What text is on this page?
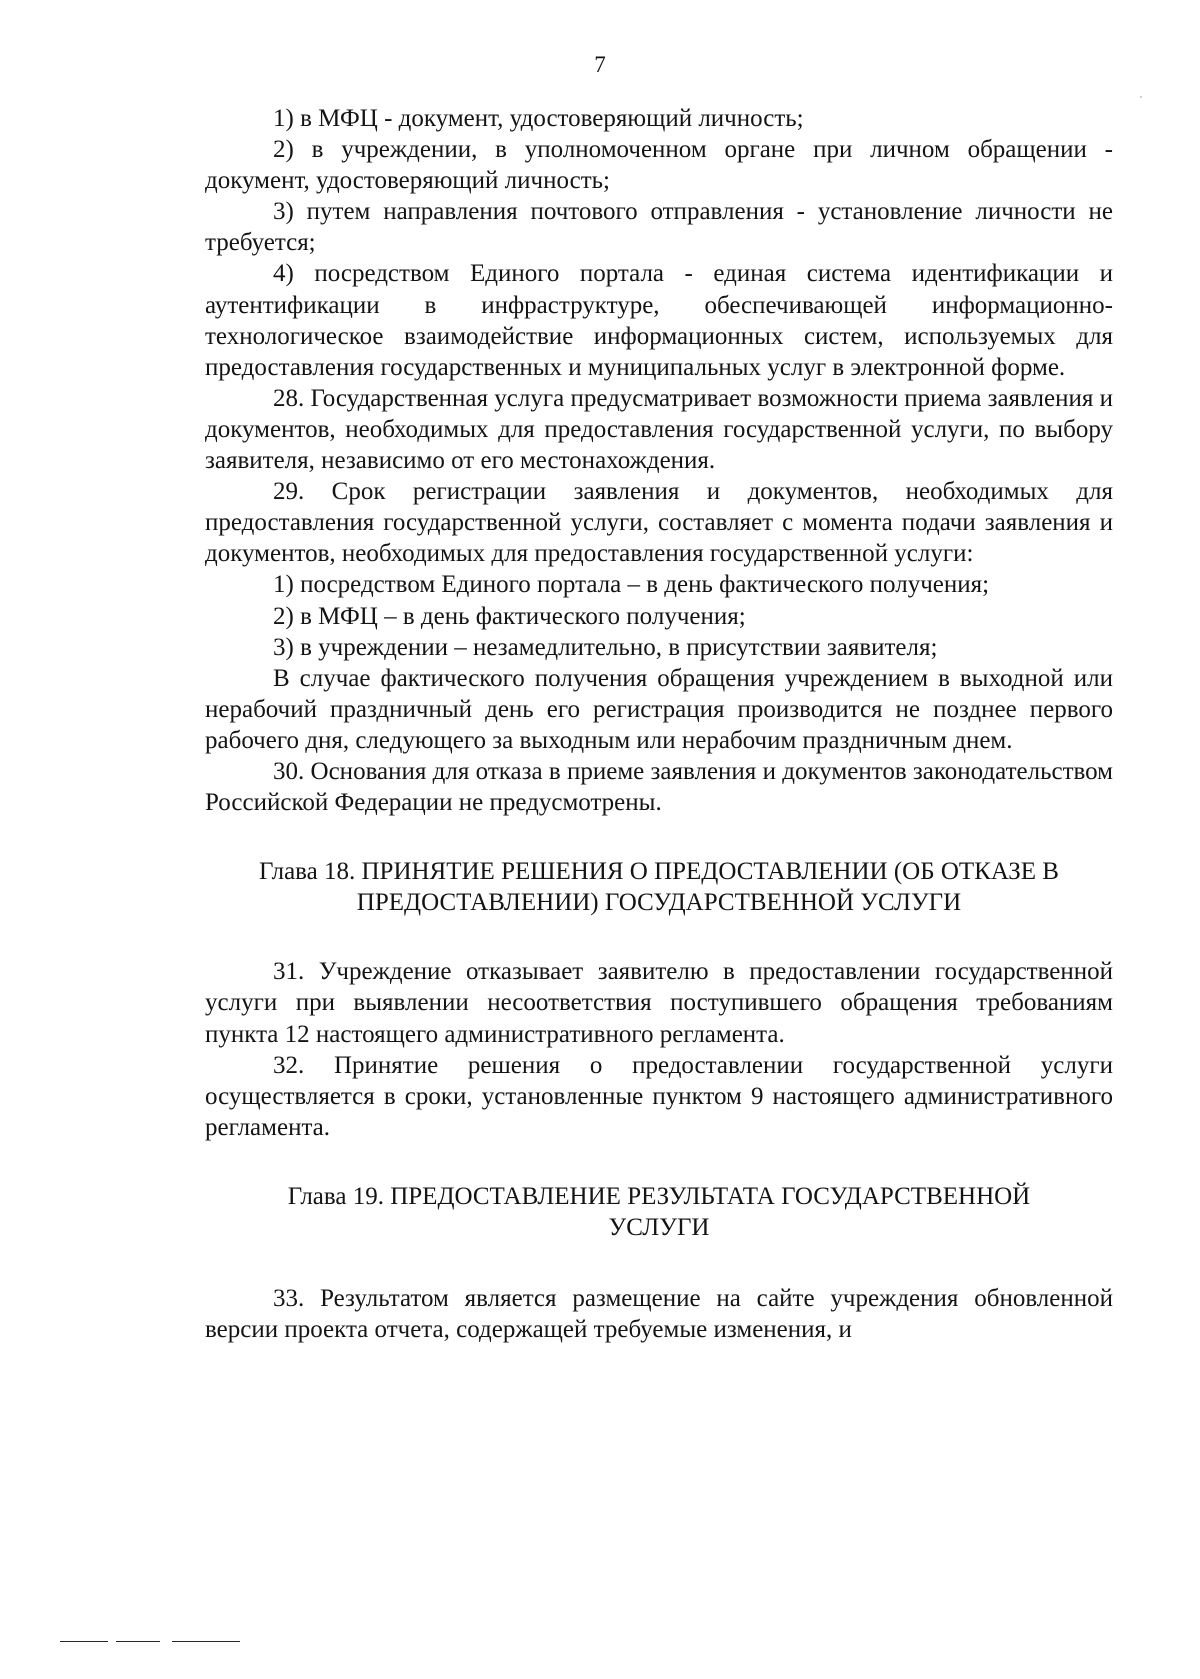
7

1) в МФЦ - документ, удостоверяющий личность;

2) в учреждении, в уполномоченном органе при личном обращении - документ, удостоверяющий личность;

3) путем направления почтового отправления - установление личности не требуется;

4) посредством Единого портала - единая система идентификации и аутентификации в инфраструктуре, обеспечивающей информационно-технологическое взаимодействие информационных систем, используемых для предоставления государственных и муниципальных услуг в электронной форме.

28. Государственная услуга предусматривает возможности приема заявления и документов, необходимых для предоставления государственной услуги, по выбору заявителя, независимо от его местонахождения.

29. Срок регистрации заявления и документов, необходимых для предоставления государственной услуги, составляет с момента подачи заявления и документов, необходимых для предоставления государственной услуги:

1) посредством Единого портала – в день фактического получения;

2) в МФЦ – в день фактического получения;

3) в учреждении – незамедлительно, в присутствии заявителя;

В случае фактического получения обращения учреждением в выходной или нерабочий праздничный день его регистрация производится не позднее первого рабочего дня, следующего за выходным или нерабочим праздничным днем.

30. Основания для отказа в приеме заявления и документов законодательством Российской Федерации не предусмотрены.

Глава 18. ПРИНЯТИЕ РЕШЕНИЯ О ПРЕДОСТАВЛЕНИИ (ОБ ОТКАЗЕ В
ПРЕДОСТАВЛЕНИИ) ГОСУДАРСТВЕННОЙ УСЛУГИ

31. Учреждение отказывает заявителю в предоставлении государственной услуги при выявлении несоответствия поступившего обращения требованиям пункта 12 настоящего административного регламента.

32. Принятие решения о предоставлении государственной услуги осуществляется в сроки, установленные пунктом 9 настоящего административного регламента.

Глава 19. ПРЕДОСТАВЛЕНИЕ РЕЗУЛЬТАТА ГОСУДАРСТВЕННОЙ
УСЛУГИ

33. Результатом является размещение на сайте учреждения обновленной версии проекта отчета, содержащей требуемые изменения, и
